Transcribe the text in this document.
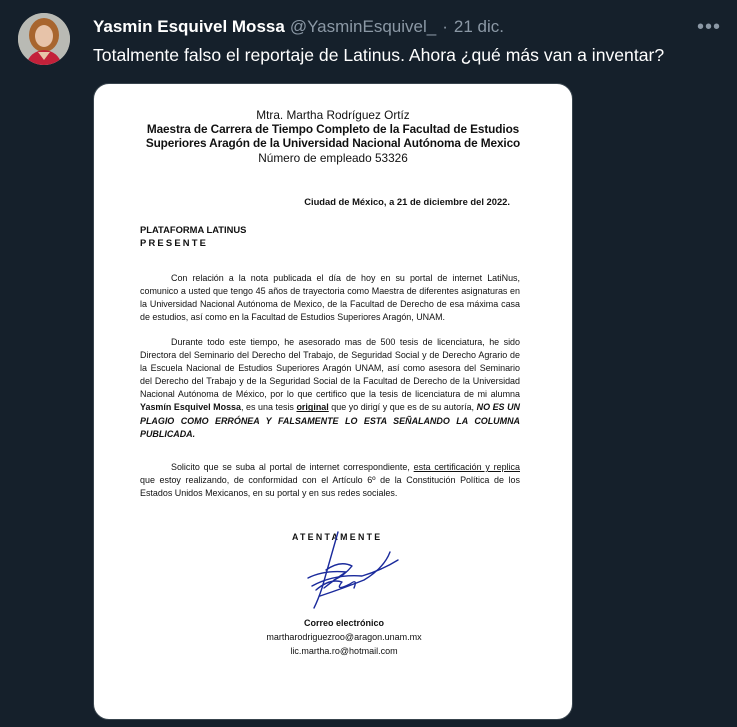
Yasmin Esquivel Mossa @YasminEsquivel_ · 21 dic.	•••
Totalmente falso el reportaje de Latinus. Ahora ¿qué más van a inventar?
Mtra. Martha Rodríguez Ortíz
Maestra de Carrera de Tiempo Completo de la Facultad de Estudios
Superiores Aragón de la Universidad Nacional Autónoma de Mexico
Número de empleado 53326
Ciudad de México, a 21 de diciembre del 2022.
PLATAFORMA LATINUS
PRESENTE
Con relación a la nota publicada el día de hoy en su portal de internet LatiNus, comunico a usted que tengo 45 años de trayectoria como Maestra de diferentes asignaturas en la Universidad Nacional Autónoma de Mexico, de la Facultad de Derecho de esa máxima casa de estudios, así como en la Facultad de Estudios Superiores Aragón, UNAM.
Durante todo este tiempo, he asesorado mas de 500 tesis de licenciatura, he sido Directora del Seminario del Derecho del Trabajo, de Seguridad Social y de Derecho Agrario de la Escuela Nacional de Estudios Superiores Aragón UNAM, así como asesora del Seminario del Derecho del Trabajo y de la Seguridad Social de la Facultad de Derecho de la Universidad Nacional Autónoma de México, por lo que certifico que la tesis de licenciatura de mi alumna Yasmín Esquivel Mossa, es una tesis original que yo dirigí y que es de su autoría, NO ES UN PLAGIO COMO ERRÓNEA Y FALSAMENTE LO ESTA SEÑALANDO LA COLUMNA PUBLICADA.
Solicito que se suba al portal de internet correspondiente, esta certificación y replica que estoy realizando, de conformidad con el Artículo 6º de la Constitución Política de los Estados Unidos Mexicanos, en su portal y en sus redes sociales.
ATENTAMENTE
Correo electrónico
martharodriguezroo@aragon.unam.mx
lic.martha.ro@hotmail.com
